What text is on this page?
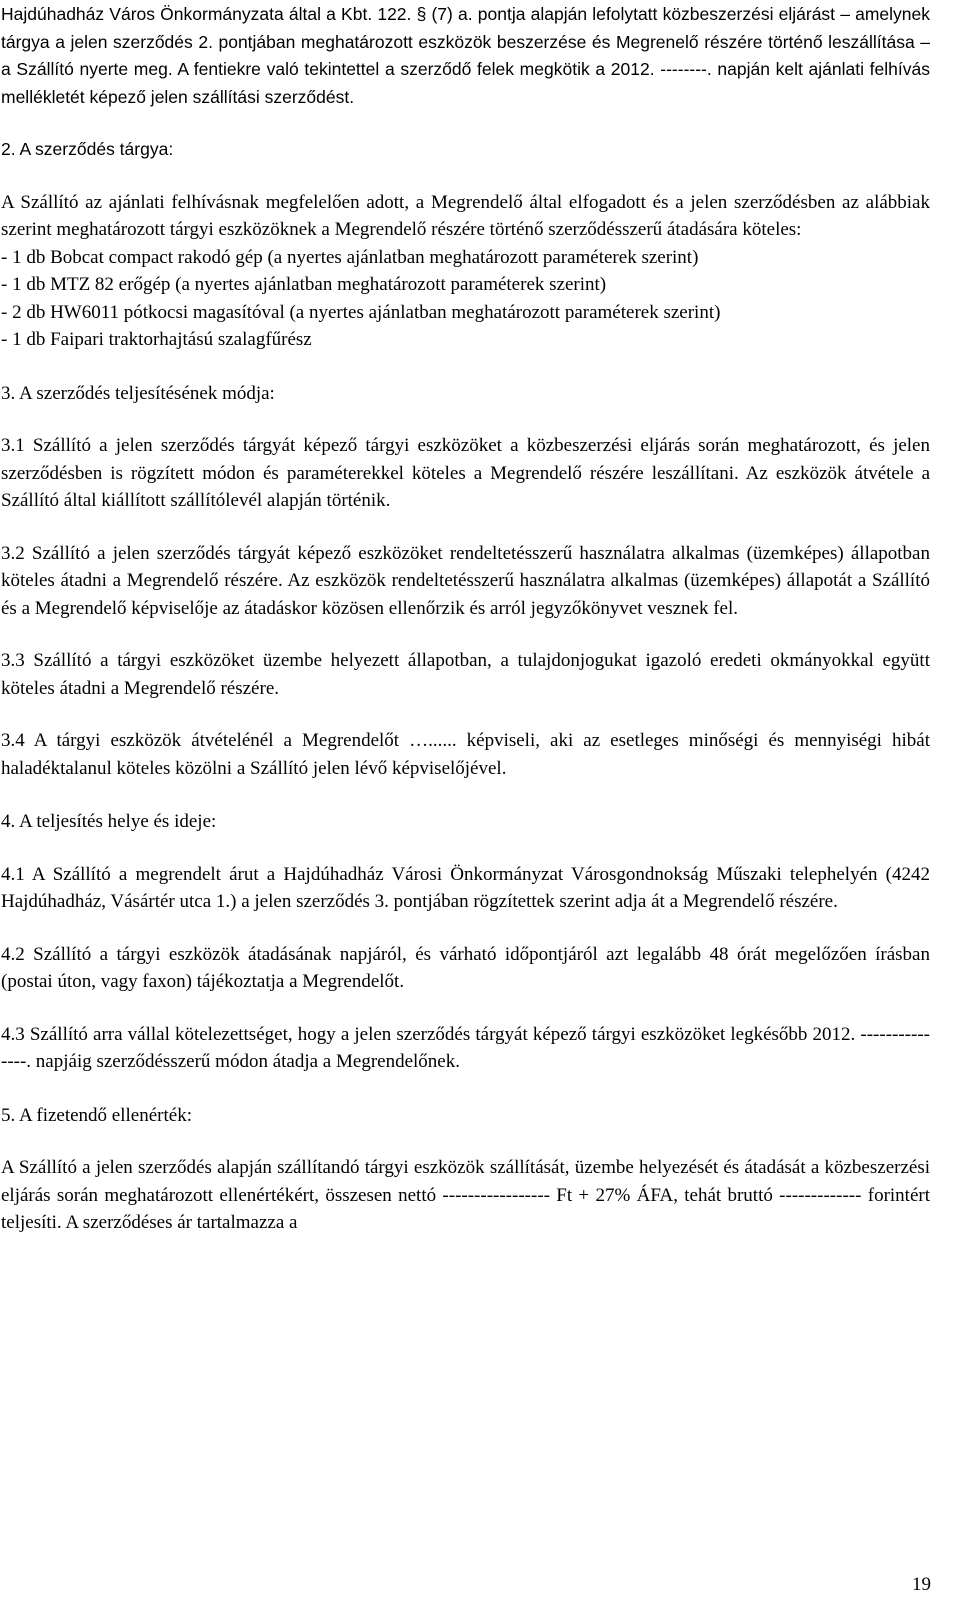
Hajdúhadház Város Önkormányzata által a Kbt. 122. § (7) a. pontja alapján lefolytatt közbeszerzési eljárást – amelynek tárgya a jelen szerződés 2. pontjában meghatározott eszközök beszerzése és Megrenelő részére történő leszállítása – a Szállító nyerte meg. A fentiekre való tekintettel a szerződő felek megkötik a 2012. --------. napján kelt ajánlati felhívás mellékletét képező jelen szállítási szerződést.

2. A szerződés tárgya:

A Szállító az ajánlati felhívásnak megfelelően adott, a Megrendelő által elfogadott és a jelen szerződésben az alábbiak szerint meghatározott tárgyi eszközöknek a Megrendelő részére történő szerződésszerű átadására köteles:

- 1 db Bobcat compact rakodó gép (a nyertes ajánlatban meghatározott paraméterek szerint)
- 1 db MTZ 82 erőgép (a nyertes ajánlatban meghatározott paraméterek szerint)
- 2 db HW6011 pótkocsi magasítóval (a nyertes ajánlatban meghatározott paraméterek szerint)
- 1 db Faipari traktorhajtású szalagfűrész

3. A szerződés teljesítésének módja:

3.1 Szállító a jelen szerződés tárgyát képező tárgyi eszközöket a közbeszerzési eljárás során meghatározott, és jelen szerződésben is rögzített módon és paraméterekkel köteles a Megrendelő részére leszállítani. Az eszközök átvétele a Szállító által kiállított szállítólevél alapján történik.

3.2 Szállító a jelen szerződés tárgyát képező eszközöket rendeltetésszerű használatra alkalmas (üzemképes) állapotban köteles átadni a Megrendelő részére. Az eszközök rendeltetésszerű használatra alkalmas (üzemképes) állapotát a Szállító és a Megrendelő képviselője az átadáskor közösen ellenőrzik és arról jegyzőkönyvet vesznek fel.

3.3 Szállító a tárgyi eszközöket üzembe helyezett állapotban, a tulajdonjogukat igazoló eredeti okmányokkal együtt köteles átadni a Megrendelő részére.

3.4 A tárgyi eszközök átvételénél a Megrendelőt …...... képviseli, aki az esetleges minőségi és mennyiségi hibát haladéktalanul köteles közölni a Szállító jelen lévő képviselőjével.

4. A teljesítés helye és ideje:

4.1 A Szállító a megrendelt árut a Hajdúhadház Városi Önkormányzat Városgondnokság Műszaki telephelyén (4242 Hajdúhadház, Vásártér utca 1.) a jelen szerződés 3. pontjában rögzítettek szerint adja át a Megrendelő részére.

4.2 Szállító a tárgyi eszközök átadásának napjáról, és várható időpontjáról azt legalább 48 órát megelőzően írásban (postai úton, vagy faxon) tájékoztatja a Megrendelőt.

4.3 Szállító arra vállal kötelezettséget, hogy a jelen szerződés tárgyát képező tárgyi eszközöket legkésőbb 2012. ---------------. napjáig szerződésszerű módon átadja a Megrendelőnek.

5. A fizetendő ellenérték:

A Szállító a jelen szerződés alapján szállítandó tárgyi eszközök szállítását, üzembe helyezését és átadását a közbeszerzési eljárás során meghatározott ellenértékért, összesen nettó ----------------- Ft + 27% ÁFA, tehát bruttó ------------- forintért teljesíti. A szerződéses ár tartalmazza a

19
